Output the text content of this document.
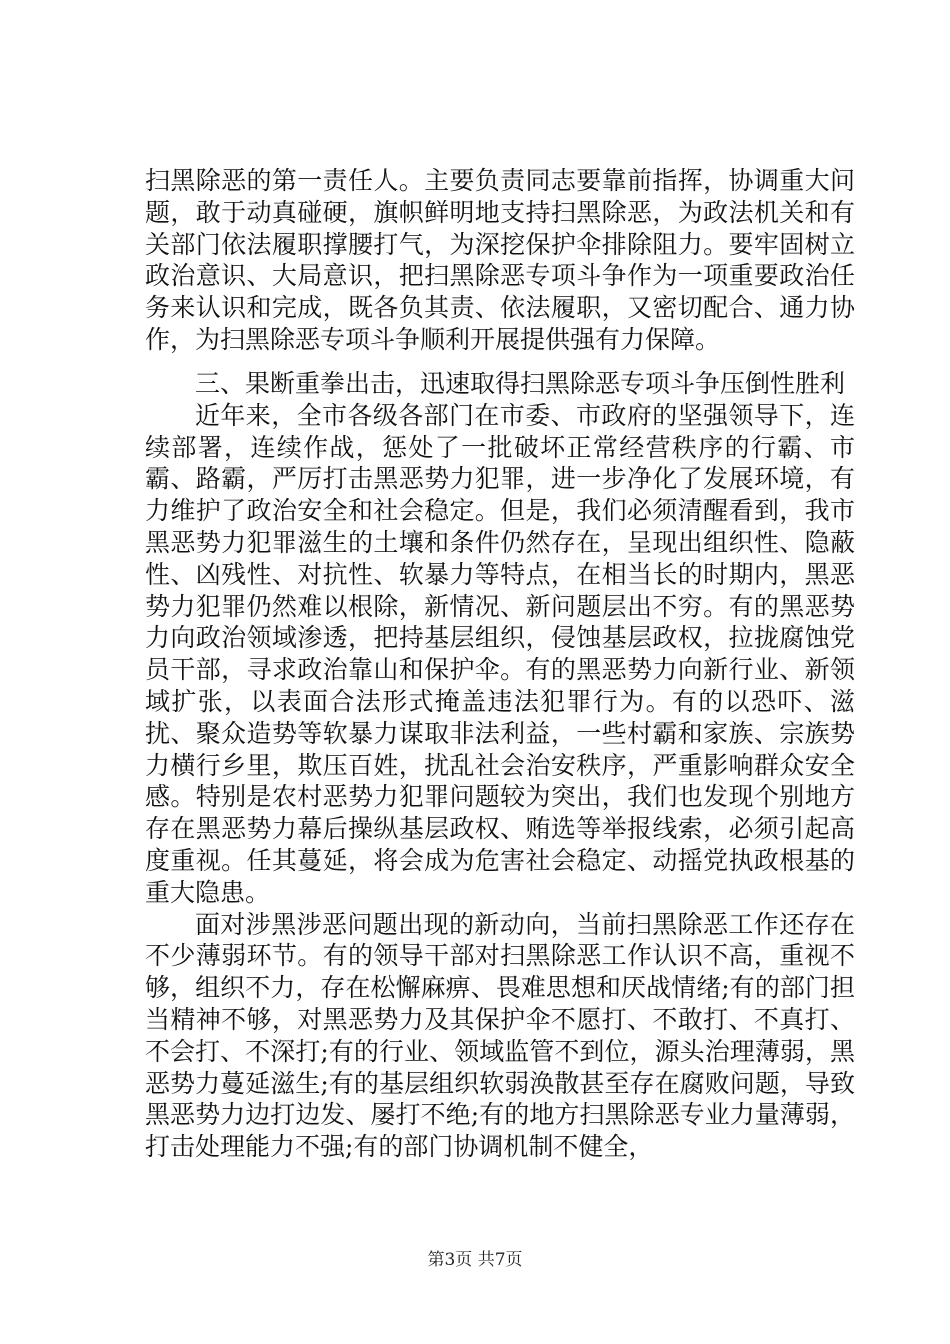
扫黑除恶的第一责任人。主要负责同志要靠前指挥，协调重大问题，敢于动真碰硬，旗帜鲜明地支持扫黑除恶，为政法机关和有关部门依法履职撑腰打气，为深挖保护伞排除阻力。要牢固树立政治意识、大局意识，把扫黑除恶专项斗争作为一项重要政治任务来认识和完成，既各负其责、依法履职，又密切配合、通力协作，为扫黑除恶专项斗争顺利开展提供强有力保障。

三、果断重拳出击，迅速取得扫黑除恶专项斗争压倒性胜利

近年来，全市各级各部门在市委、市政府的坚强领导下，连续部署，连续作战，惩处了一批破坏正常经营秩序的行霸、市霸、路霸，严厉打击黑恶势力犯罪，进一步净化了发展环境，有力维护了政治安全和社会稳定。但是，我们必须清醒看到，我市黑恶势力犯罪滋生的土壤和条件仍然存在，呈现出组织性、隐蔽性、凶残性、对抗性、软暴力等特点，在相当长的时期内，黑恶势力犯罪仍然难以根除，新情况、新问题层出不穷。有的黑恶势力向政治领域渗透，把持基层组织，侵蚀基层政权，拉拢腐蚀党员干部，寻求政治靠山和保护伞。有的黑恶势力向新行业、新领域扩张，以表面合法形式掩盖违法犯罪行为。有的以恐吓、滋扰、聚众造势等软暴力谋取非法利益，一些村霸和家族、宗族势力横行乡里，欺压百姓，扰乱社会治安秩序，严重影响群众安全感。特别是农村恶势力犯罪问题较为突出，我们也发现个别地方存在黑恶势力幕后操纵基层政权、贿选等举报线索，必须引起高度重视。任其蔓延，将会成为危害社会稳定、动摇党执政根基的重大隐患。

面对涉黑涉恶问题出现的新动向，当前扫黑除恶工作还存在不少薄弱环节。有的领导干部对扫黑除恶工作认识不高，重视不够，组织不力，存在松懈麻痹、畏难思想和厌战情绪;有的部门担当精神不够，对黑恶势力及其保护伞不愿打、不敢打、不真打、不会打、不深打;有的行业、领域监管不到位，源头治理薄弱，黑恶势力蔓延滋生;有的基层组织软弱涣散甚至存在腐败问题，导致黑恶势力边打边发、屡打不绝;有的地方扫黑除恶专业力量薄弱，打击处理能力不强;有的部门协调机制不健全，

第3页 共7页
